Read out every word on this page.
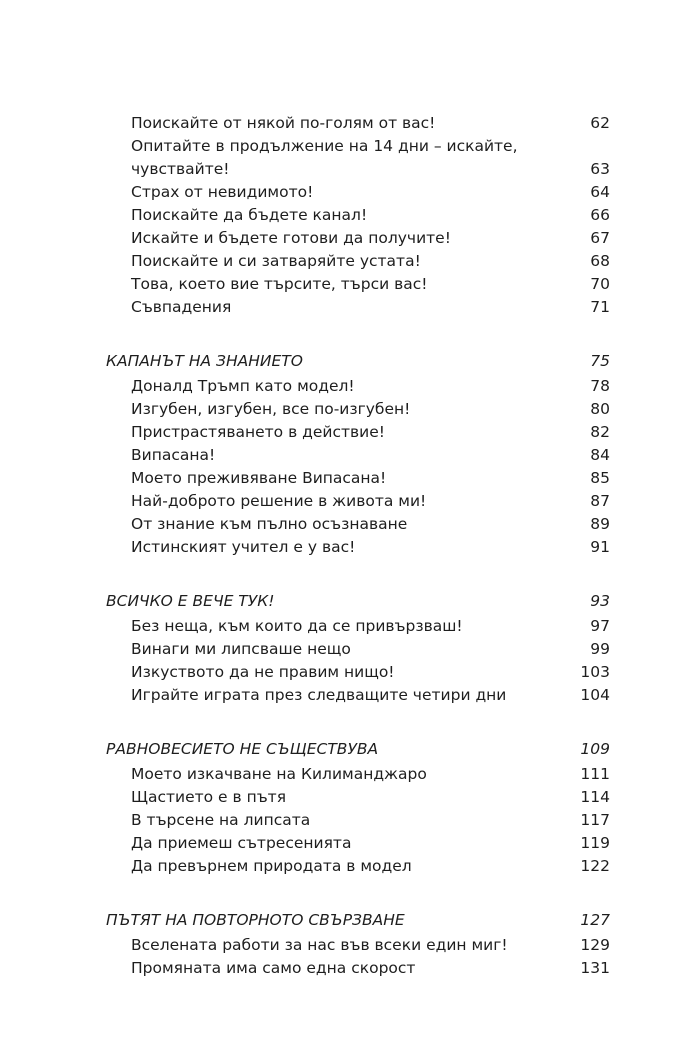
Поискайте от някой по-голям от вас!	62
Опитайте в продължение на 14 дни – искайте, чувствайте!	63
Страх от невидимото!	64
Поискайте да бъдете канал!	66
Искайте и бъдете готови да получите!	67
Поискайте и си затваряйте устата!	68
Това, което вие търсите, търси вас!	70
Съвпадения	71
КАПАНЪТ НА ЗНАНИЕТО	75
Доналд Тръмп като модел!	78
Изгубен, изгубен, все по-изгубен!	80
Пристрастяването в действие!	82
Випасана!	84
Моето преживяване Випасана!	85
Най-доброто решение в живота ми!	87
От знание към пълно осъзнаване	89
Истинският учител е у вас!	91
ВСИЧКО Е ВЕЧЕ ТУК!	93
Без неща, към които да се привързваш!	97
Винаги ми липсваше нещо	99
Изкуството да не правим нищо!	103
Играйте играта през следващите четири дни	104
РАВНОВЕСИЕТО НЕ СЪЩЕСТВУВА	109
Моето изкачване на Килиманджаро	111
Щастието е в пътя	114
В търсене на липсата	117
Да приемеш сътресенията	119
Да превърнем природата в модел	122
ПЪТЯТ НА ПОВТОРНОТО СВЪРЗВАНЕ	127
Вселената работи за нас във всеки един миг!	129
Промяната има само една скорост	131
